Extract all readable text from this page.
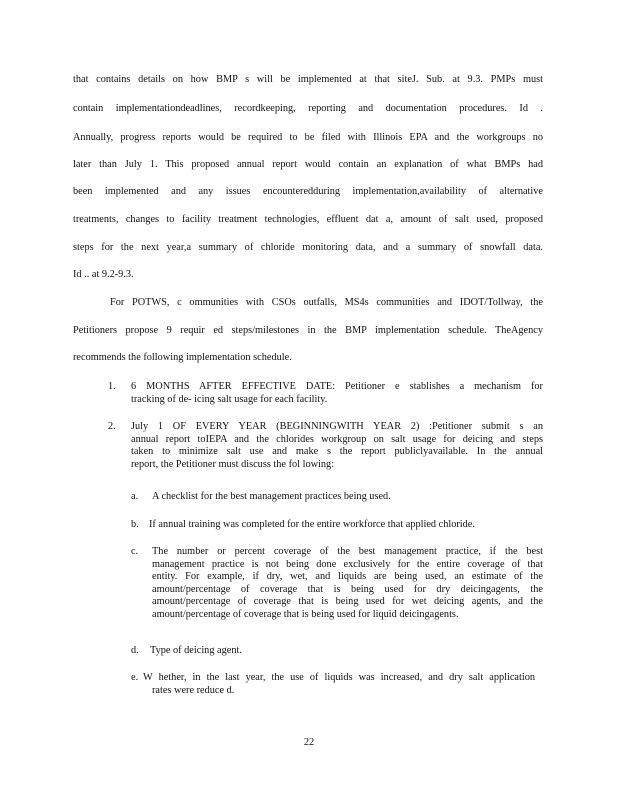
that contains details on how BMP s will be implemented at that siteJ. Sub. at 9.3. PMPs must
contain implementationdeadlines, recordkeeping, reporting and documentation procedures. Id .
Annually, progress reports would be required to be filed with Illinois EPA and the workgroups no
later than July 1. This proposed annual report would contain an explanation of what BMPs had
been implemented and any issues encounteredduring implementation,availability of alternative
treatments, changes to facility treatment technologies, effluent dat a, amount of salt used, proposed
steps for the next year,a summary of chloride monitoring data, and a summary of snowfall data.
Id .. at 9.2-9.3.
For POTWS, c ommunities with CSOs outfalls, MS4s communities and IDOT/Tollway, the
Petitioners propose 9 requir ed steps/milestones in the BMP implementation schedule. TheAgency
recommends the following implementation schedule.
1. 6 MONTHS AFTER EFFECTIVE DATE: Petitioner e stablishes a mechanism for
tracking of de- icing salt usage for each facility.
2. July 1 OF EVERY YEAR (BEGINNINGWITH YEAR 2) :Petitioner submit s an
annual report toIEPA and the chlorides workgroup on salt usage for deicing and steps
taken to minimize salt use and make s the report publiclyavailable. In the annual
report, the Petitioner must discuss the fol lowing:
a. A checklist for the best management practices being used.
b. If annual training was completed for the entire workforce that applied chloride.
c. The number or percent coverage of the best management practice, if the best
management practice is not being done exclusively for the entire coverage of that
entity. For example, if dry, wet, and liquids are being used, an estimate of the
amount/percentage of coverage that is being used for dry deicingagents, the
amount/percentage of coverage that is being used for wet deicing agents, and the
amount/percentage of coverage that is being used for liquid deicingagents.
d. Type of deicing agent.
e. W hether, in the last year, the use of liquids was increased, and dry salt application
rates were reduce d.
22
